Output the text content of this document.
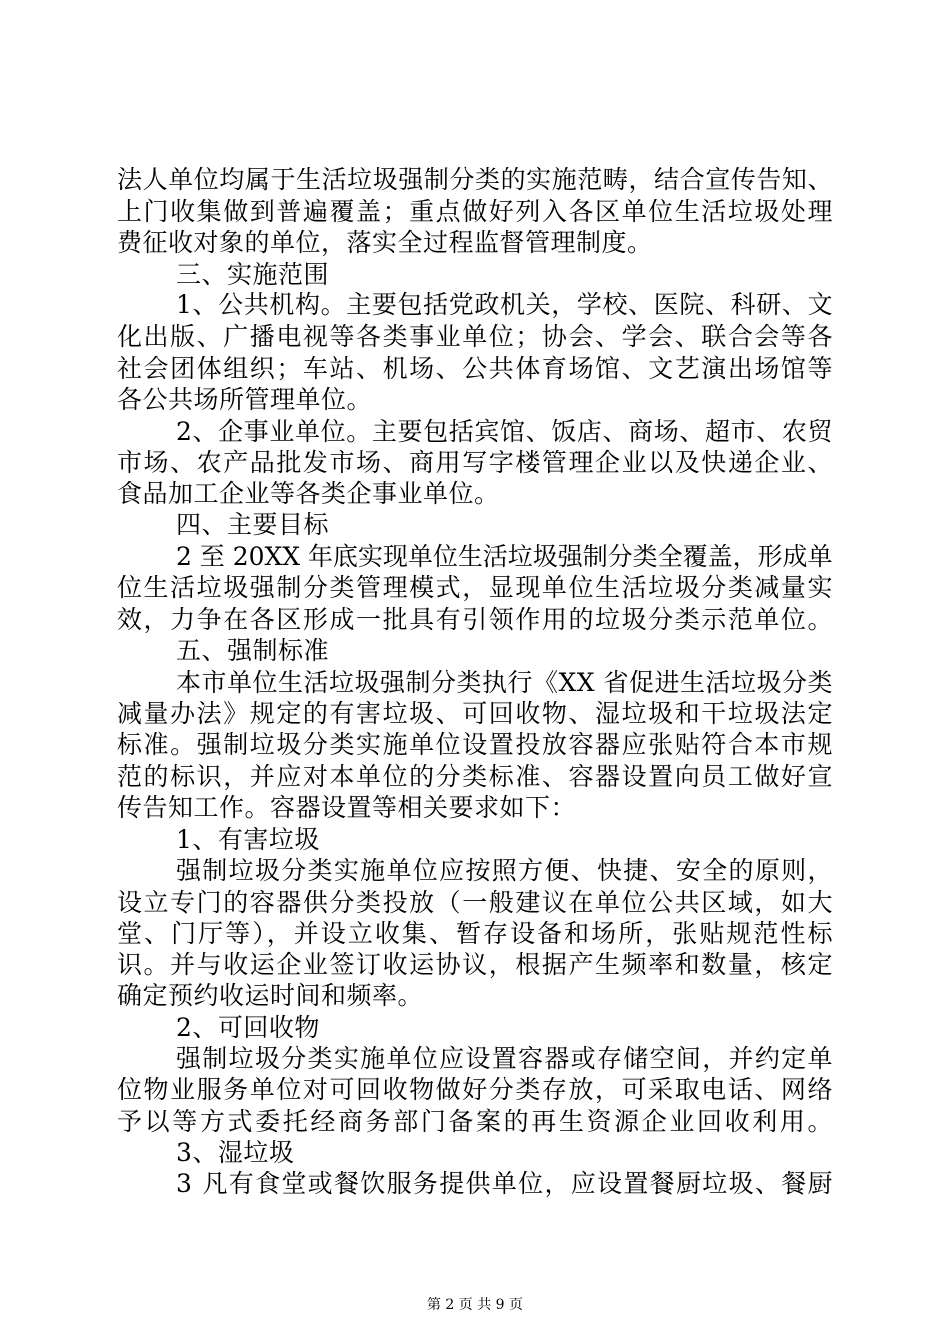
法人单位均属于生活垃圾强制分类的实施范畴，结合宣传告知、

上门收集做到普遍覆盖；重点做好列入各区单位生活垃圾处理

费征收对象的单位，落实全过程监督管理制度。

三、实施范围

1、公共机构。主要包括党政机关，学校、医院、科研、文

化出版、广播电视等各类事业单位；协会、学会、联合会等各

社会团体组织；车站、机场、公共体育场馆、文艺演出场馆等

各公共场所管理单位。

2、企事业单位。主要包括宾馆、饭店、商场、超市、农贸

市场、农产品批发市场、商用写字楼管理企业以及快递企业、

食品加工企业等各类企事业单位。

四、主要目标

2 至 20XX 年底实现单位生活垃圾强制分类全覆盖，形成单

位生活垃圾强制分类管理模式，显现单位生活垃圾分类减量实

效，力争在各区形成一批具有引领作用的垃圾分类示范单位。

五、强制标准

本市单位生活垃圾强制分类执行《XX 省促进生活垃圾分类

减量办法》规定的有害垃圾、可回收物、湿垃圾和干垃圾法定

标准。强制垃圾分类实施单位设置投放容器应张贴符合本市规

范的标识，并应对本单位的分类标准、容器设置向员工做好宣

传告知工作。容器设置等相关要求如下：

1、有害垃圾

强制垃圾分类实施单位应按照方便、快捷、安全的原则，

设立专门的容器供分类投放（一般建议在单位公共区域，如大

堂、门厅等），并设立收集、暂存设备和场所，张贴规范性标

识。并与收运企业签订收运协议，根据产生频率和数量，核定

确定预约收运时间和频率。

2、可回收物

强制垃圾分类实施单位应设置容器或存储空间，并约定单

位物业服务单位对可回收物做好分类存放，可采取电话、网络

予以等方式委托经商务部门备案的再生资源企业回收利用。

3、湿垃圾

3 凡有食堂或餐饮服务提供单位，应设置餐厨垃圾、餐厨

第 2 页 共 9 页
